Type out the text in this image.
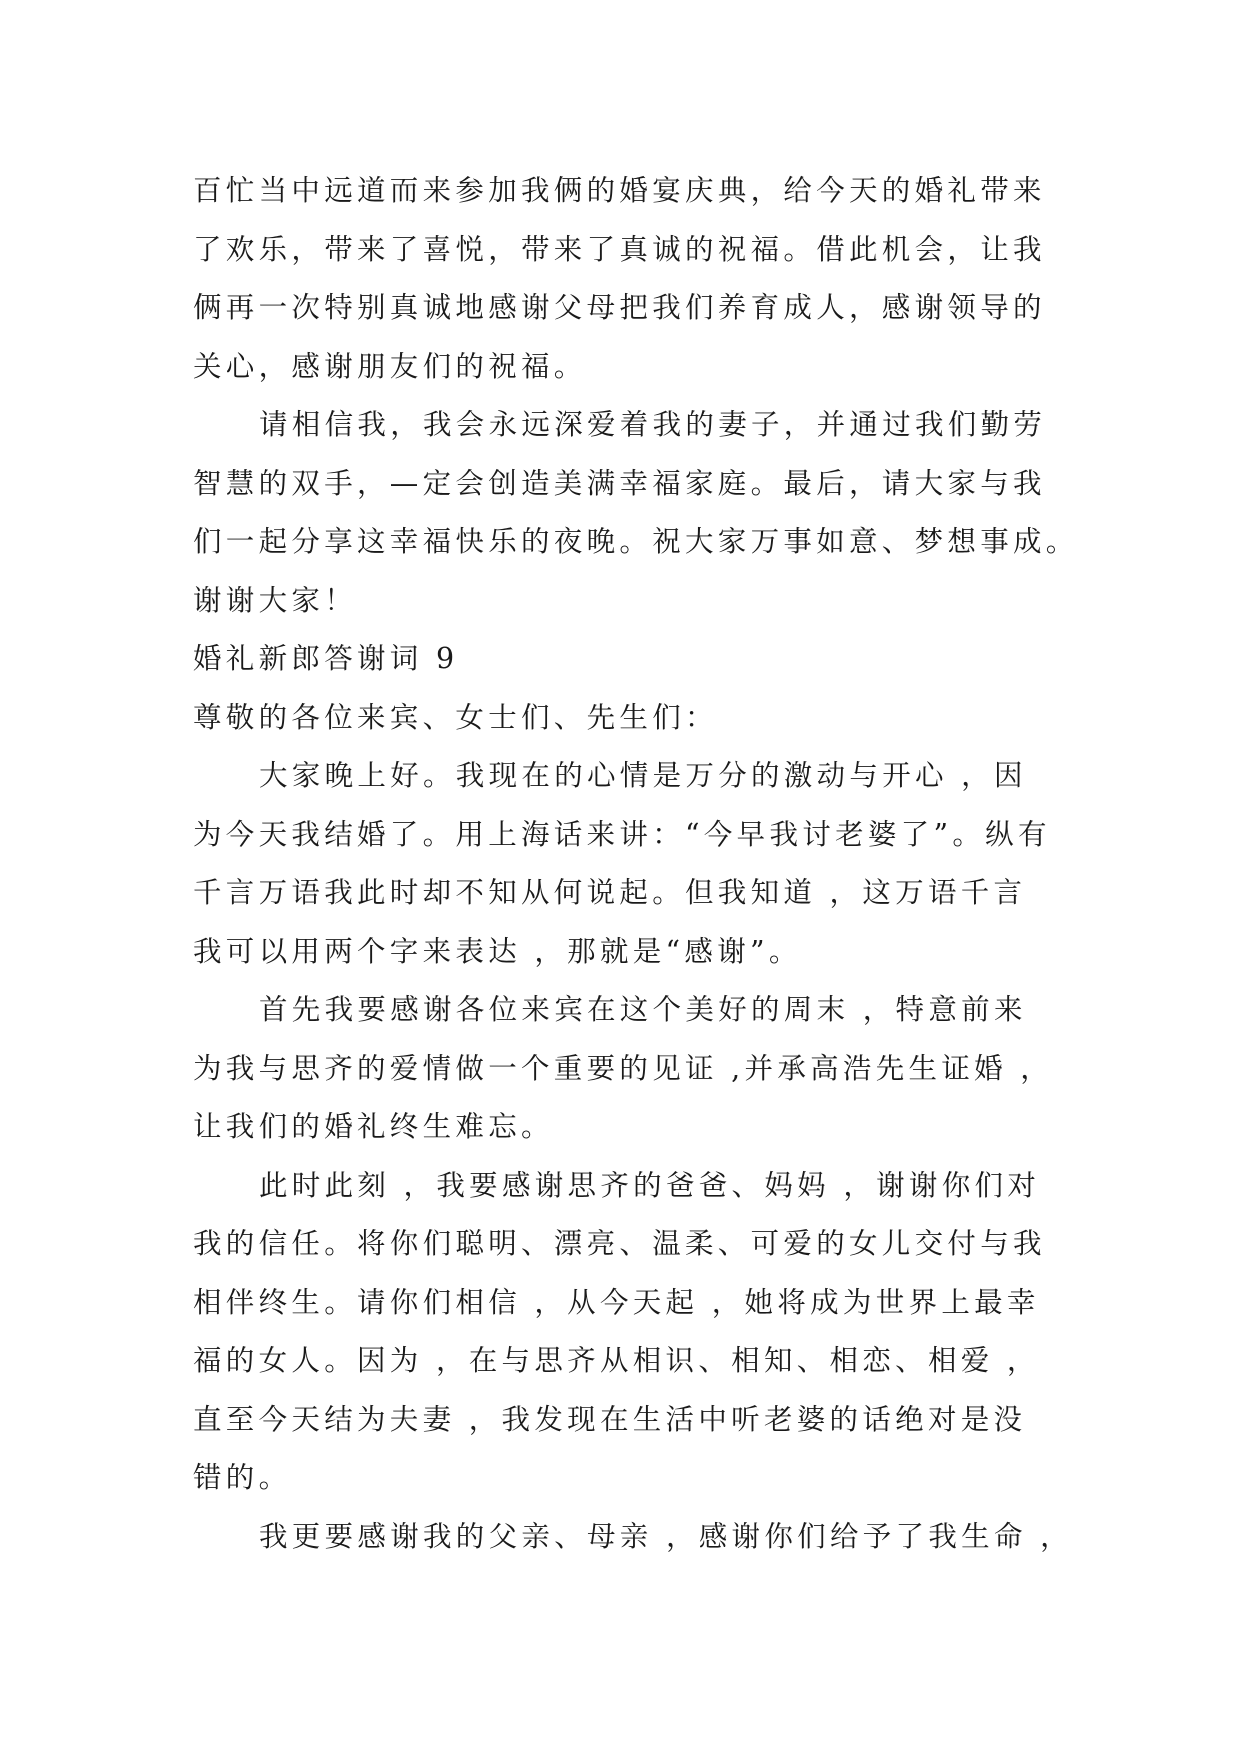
百忙当中远道而来参加我俩的婚宴庆典，给今天的婚礼带来
了欢乐，带来了喜悦，带来了真诚的祝福。借此机会，让我
俩再一次特别真诚地感谢父母把我们养育成人，感谢领导的
关心，感谢朋友们的祝福。
请相信我，我会永远深爱着我的妻子，并通过我们勤劳
智慧的双手，—定会创造美满幸福家庭。最后，请大家与我
们一起分享这幸福快乐的夜晚。祝大家万事如意、梦想事成。
谢谢大家！
婚礼新郎答谢词 9
尊敬的各位来宾、女士们、先生们：
大家晚上好。我现在的心情是万分的激动与开心 ，因
为今天我结婚了。用上海话来讲：“今早我讨老婆了”。纵有
千言万语我此时却不知从何说起。但我知道 ，这万语千言
我可以用两个字来表达 ，那就是“感谢”。
首先我要感谢各位来宾在这个美好的周末 ，特意前来
为我与思齐的爱情做一个重要的见证 ,并承高浩先生证婚 ，
让我们的婚礼终生难忘。
此时此刻 ，我要感谢思齐的爸爸、妈妈 ，谢谢你们对
我的信任。将你们聪明、漂亮、温柔、可爱的女儿交付与我
相伴终生。请你们相信 ，从今天起 ，她将成为世界上最幸
福的女人。因为 ，在与思齐从相识、相知、相恋、相爱 ，
直至今天结为夫妻 ，我发现在生活中听老婆的话绝对是没
错的。
我更要感谢我的父亲、母亲 ，感谢你们给予了我生命 ，
